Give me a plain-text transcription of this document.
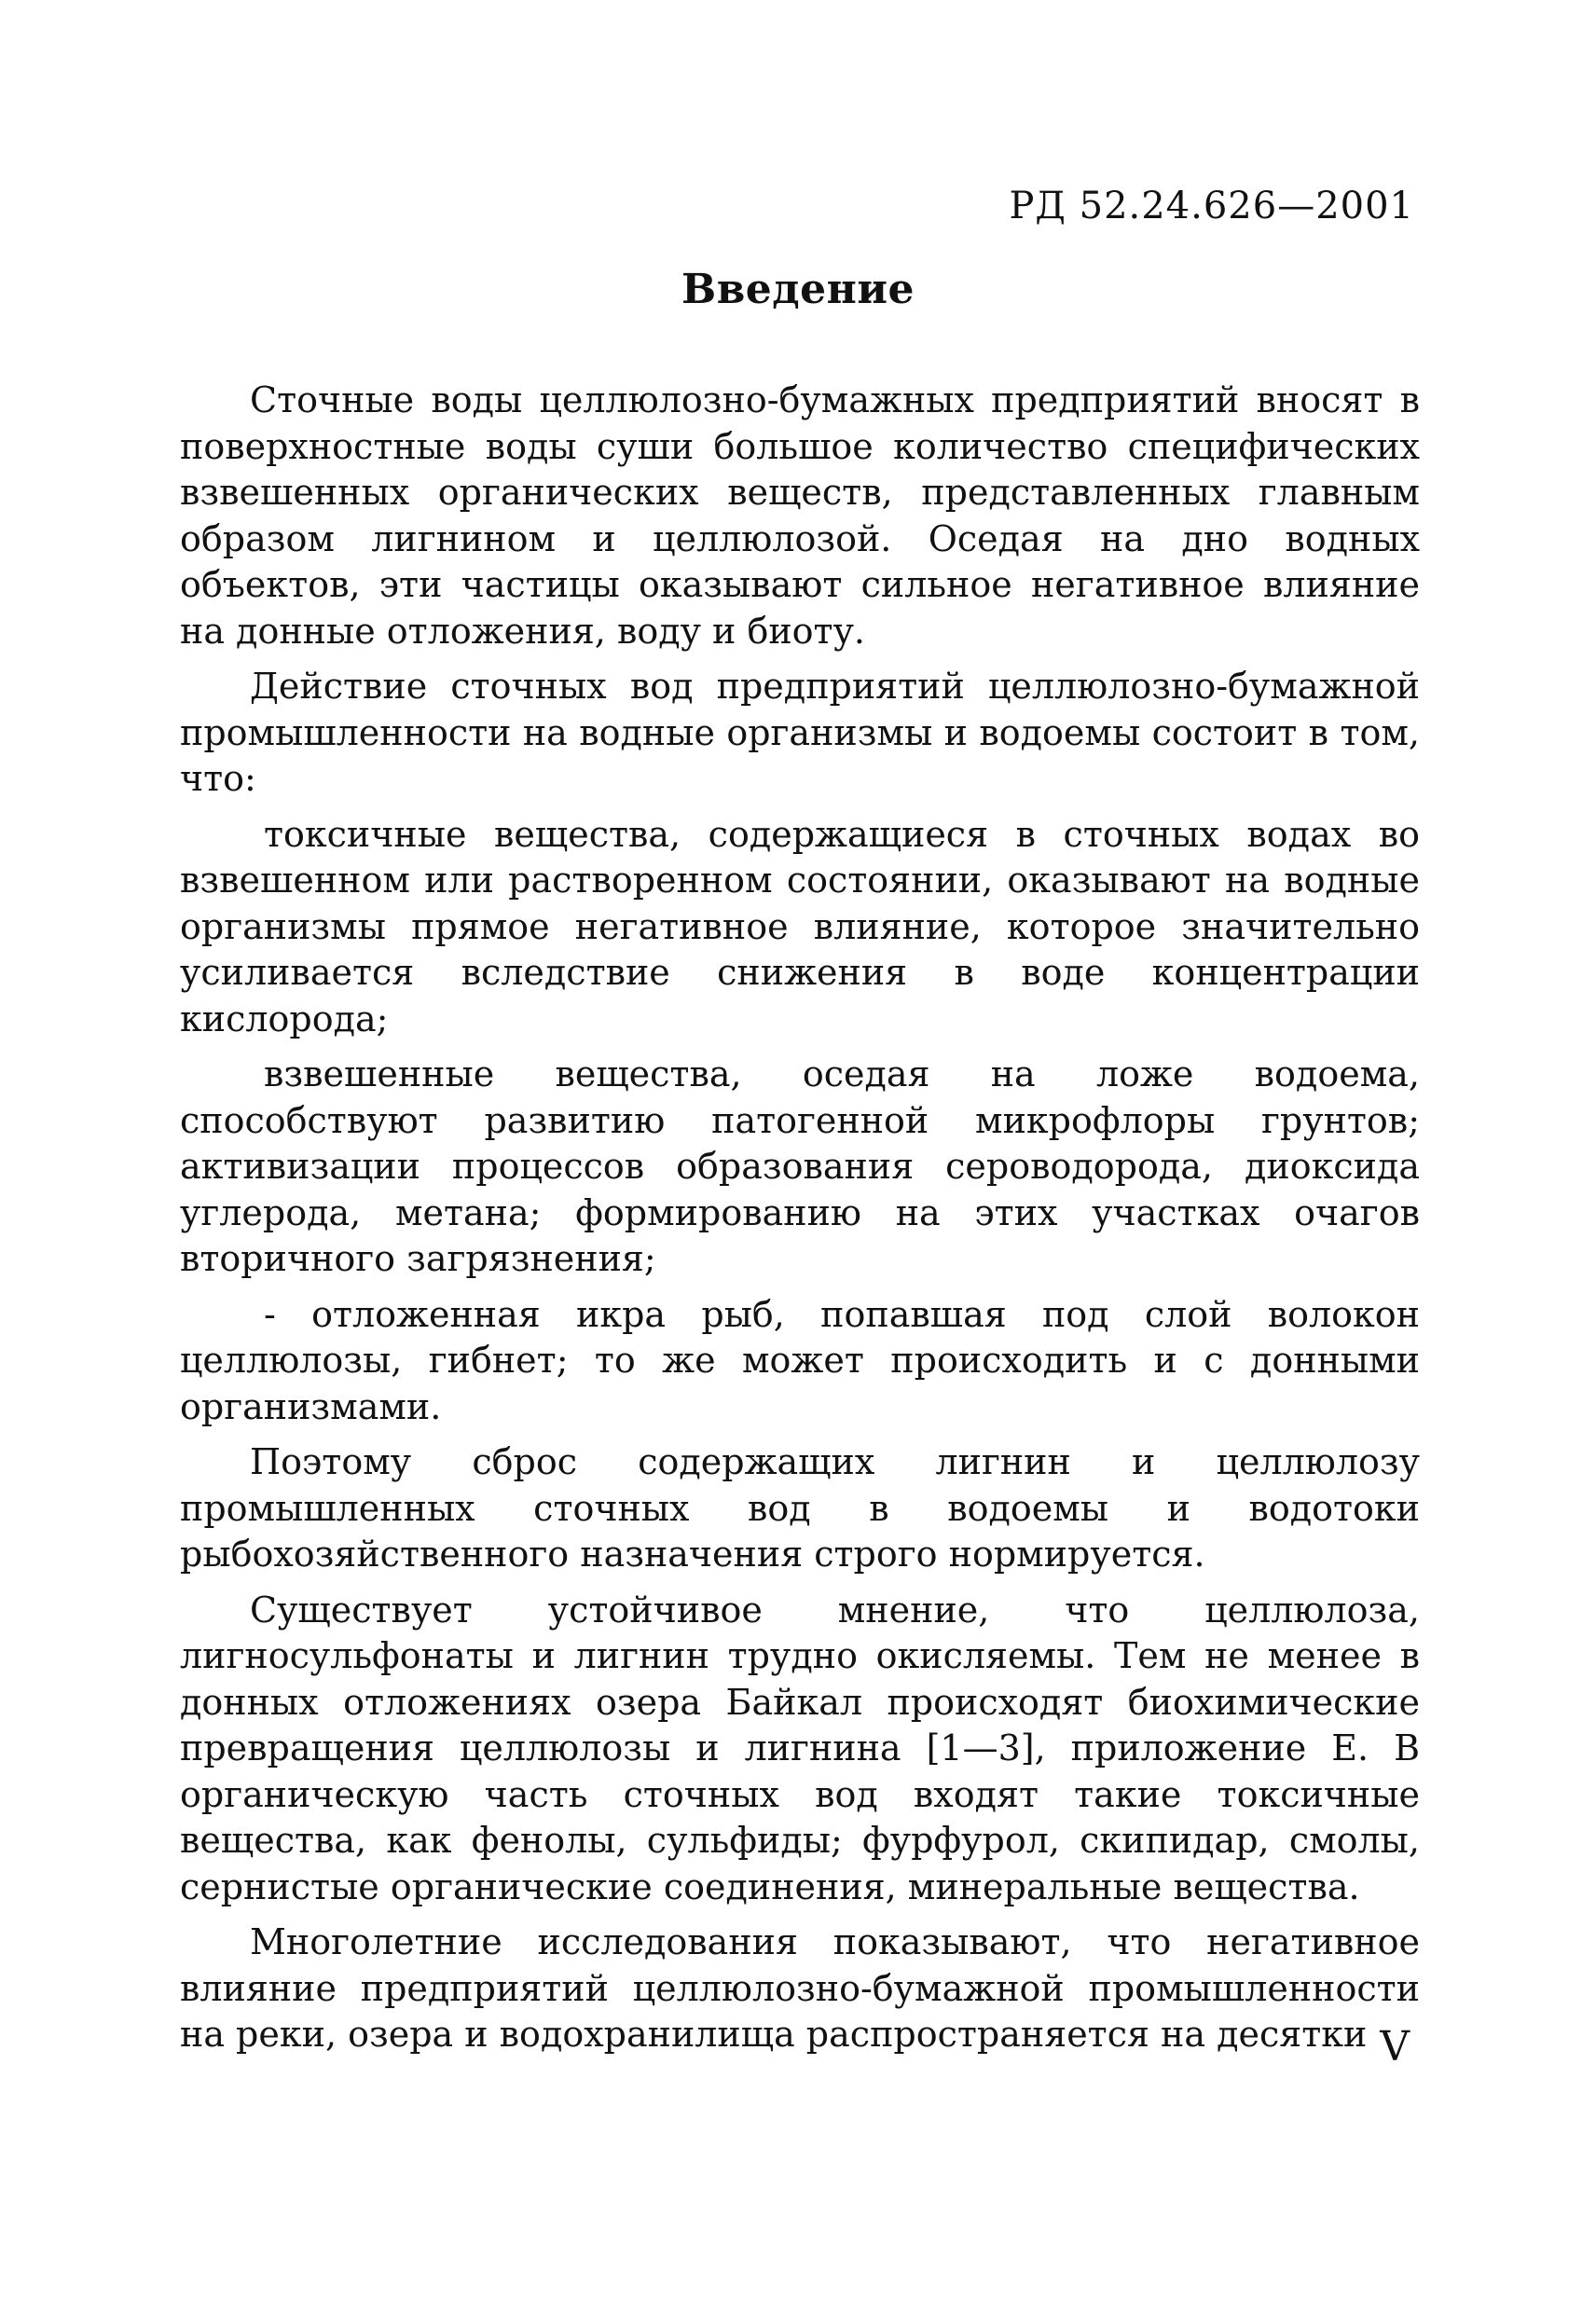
РД 52.24.626—2001
Введение

Сточные воды целлюлозно-бумажных предприятий вносят в поверхностные воды суши большое количество специфических взвешенных органических веществ, представленных главным образом лигнином и целлюлозой. Оседая на дно водных объектов, эти частицы оказывают сильное негативное влияние на донные отложения, воду и биоту.

Действие сточных вод предприятий целлюлозно-бумажной промышленности на водные организмы и водоемы состоит в том, что:

токсичные вещества, содержащиеся в сточных водах во взвешенном или растворенном состоянии, оказывают на водные организмы прямое негативное влияние, которое значительно усиливается вследствие снижения в воде концентрации кислорода;

взвешенные вещества, оседая на ложе водоема, способствуют развитию патогенной микрофлоры грунтов; активизации процессов образования сероводорода, диоксида углерода, метана; формированию на этих участках очагов вторичного загрязнения;

- отложенная икра рыб, попавшая под слой волокон целлюлозы, гибнет; то же может происходить и с донными организмами.

Поэтому сброс содержащих лигнин и целлюлозу промышленных сточных вод в водоемы и водотоки рыбохозяйственного назначения строго нормируется.

Существует устойчивое мнение, что целлюлоза, лигносульфонаты и лигнин трудно окисляемы. Тем не менее в донных отложениях озера Байкал происходят биохимические превращения целлюлозы и лигнина [1—3], приложение Е. В органическую часть сточных вод входят такие токсичные вещества, как фенолы, сульфиды; фурфурол, скипидар, смолы, сернистые органические соединения, минеральные вещества.

Многолетние исследования показывают, что негативное влияние предприятий целлюлозно-бумажной промышленности на реки, озера и водохранилища распространяется на десятки V
